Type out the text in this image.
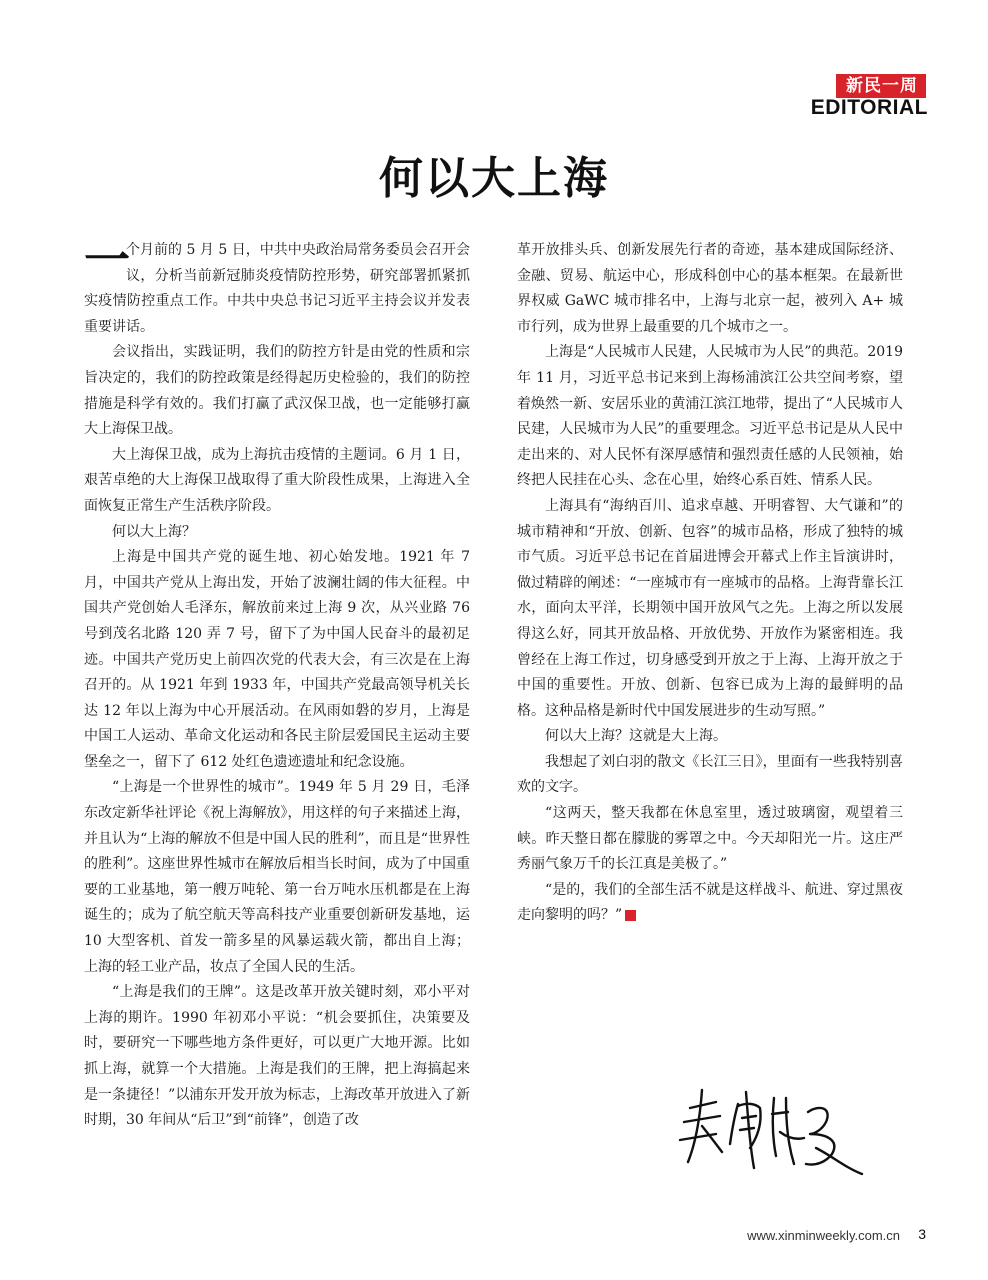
新民一周
EDITORIAL
何以大上海

一
个月前的 5 月 5 日，中共中央政治局常务委员会召开会议，分析当前新冠肺炎疫情防控形势，研究部署抓紧抓实疫情防控重点工作。中共中央总书记习近平主持会议并发表重要讲话。

会议指出，实践证明，我们的防控方针是由党的性质和宗旨决定的，我们的防控政策是经得起历史检验的，我们的防控措施是科学有效的。我们打赢了武汉保卫战，也一定能够打赢大上海保卫战。

大上海保卫战，成为上海抗击疫情的主题词。6 月 1 日，艰苦卓绝的大上海保卫战取得了重大阶段性成果，上海进入全面恢复正常生产生活秩序阶段。

何以大上海？

上海是中国共产党的诞生地、初心始发地。1921 年 7 月，中国共产党从上海出发，开始了波澜壮阔的伟大征程。中国共产党创始人毛泽东，解放前来过上海 9 次，从兴业路 76 号到茂名北路 120 弄 7 号，留下了为中国人民奋斗的最初足迹。中国共产党历史上前四次党的代表大会，有三次是在上海召开的。从 1921 年到 1933 年，中国共产党最高领导机关长达 12 年以上海为中心开展活动。在风雨如磐的岁月，上海是中国工人运动、革命文化运动和各民主阶层爱国民主运动主要堡垒之一，留下了 612 处红色遗迹遗址和纪念设施。

“上海是一个世界性的城市”。1949 年 5 月 29 日，毛泽东改定新华社评论《祝上海解放》，用这样的句子来描述上海，并且认为“上海的解放不但是中国人民的胜利”，而且是“世界性的胜利”。这座世界性城市在解放后相当长时间，成为了中国重要的工业基地，第一艘万吨轮、第一台万吨水压机都是在上海诞生的；成为了航空航天等高科技产业重要创新研发基地，运 10 大型客机、首发一箭多星的风暴运载火箭，都出自上海；上海的轻工业产品，妆点了全国人民的生活。

“上海是我们的王牌”。这是改革开放关键时刻，邓小平对上海的期许。1990 年初邓小平说：“机会要抓住，决策要及时，要研究一下哪些地方条件更好，可以更广大地开源。比如抓上海，就算一个大措施。上海是我们的王牌，把上海搞起来是一条捷径！”以浦东开发开放为标志，上海改革开放进入了新时期，30 年间从“后卫”到“前锋”，创造了改

革开放排头兵、创新发展先行者的奇迹，基本建成国际经济、金融、贸易、航运中心，形成科创中心的基本框架。在最新世界权威 GaWC 城市排名中，上海与北京一起，被列入 A+ 城市行列，成为世界上最重要的几个城市之一。

上海是“人民城市人民建，人民城市为人民”的典范。2019 年 11 月，习近平总书记来到上海杨浦滨江公共空间考察，望着焕然一新、安居乐业的黄浦江滨江地带，提出了“人民城市人民建，人民城市为人民”的重要理念。习近平总书记是从人民中走出来的、对人民怀有深厚感情和强烈责任感的人民领袖，始终把人民挂在心头、念在心里，始终心系百姓、情系人民。

上海具有“海纳百川、追求卓越、开明睿智、大气谦和”的城市精神和“开放、创新、包容”的城市品格，形成了独特的城市气质。习近平总书记在首届进博会开幕式上作主旨演讲时，做过精辟的阐述：“一座城市有一座城市的品格。上海背靠长江水，面向太平洋，长期领中国开放风气之先。上海之所以发展得这么好，同其开放品格、开放优势、开放作为紧密相连。我曾经在上海工作过，切身感受到开放之于上海、上海开放之于中国的重要性。开放、创新、包容已成为上海的最鲜明的品格。这种品格是新时代中国发展进步的生动写照。”

何以大上海？这就是大上海。

我想起了刘白羽的散文《长江三日》，里面有一些我特别喜欢的文字。

“这两天，整天我都在休息室里，透过玻璃窗，观望着三峡。昨天整日都在朦胧的雾罩之中。今天却阳光一片。这庄严秀丽气象万千的长江真是美极了。”

“是的，我们的全部生活不就是这样战斗、航进、穿过黑夜走向黎明的吗？”

www.xinminweekly.com.cn 3
